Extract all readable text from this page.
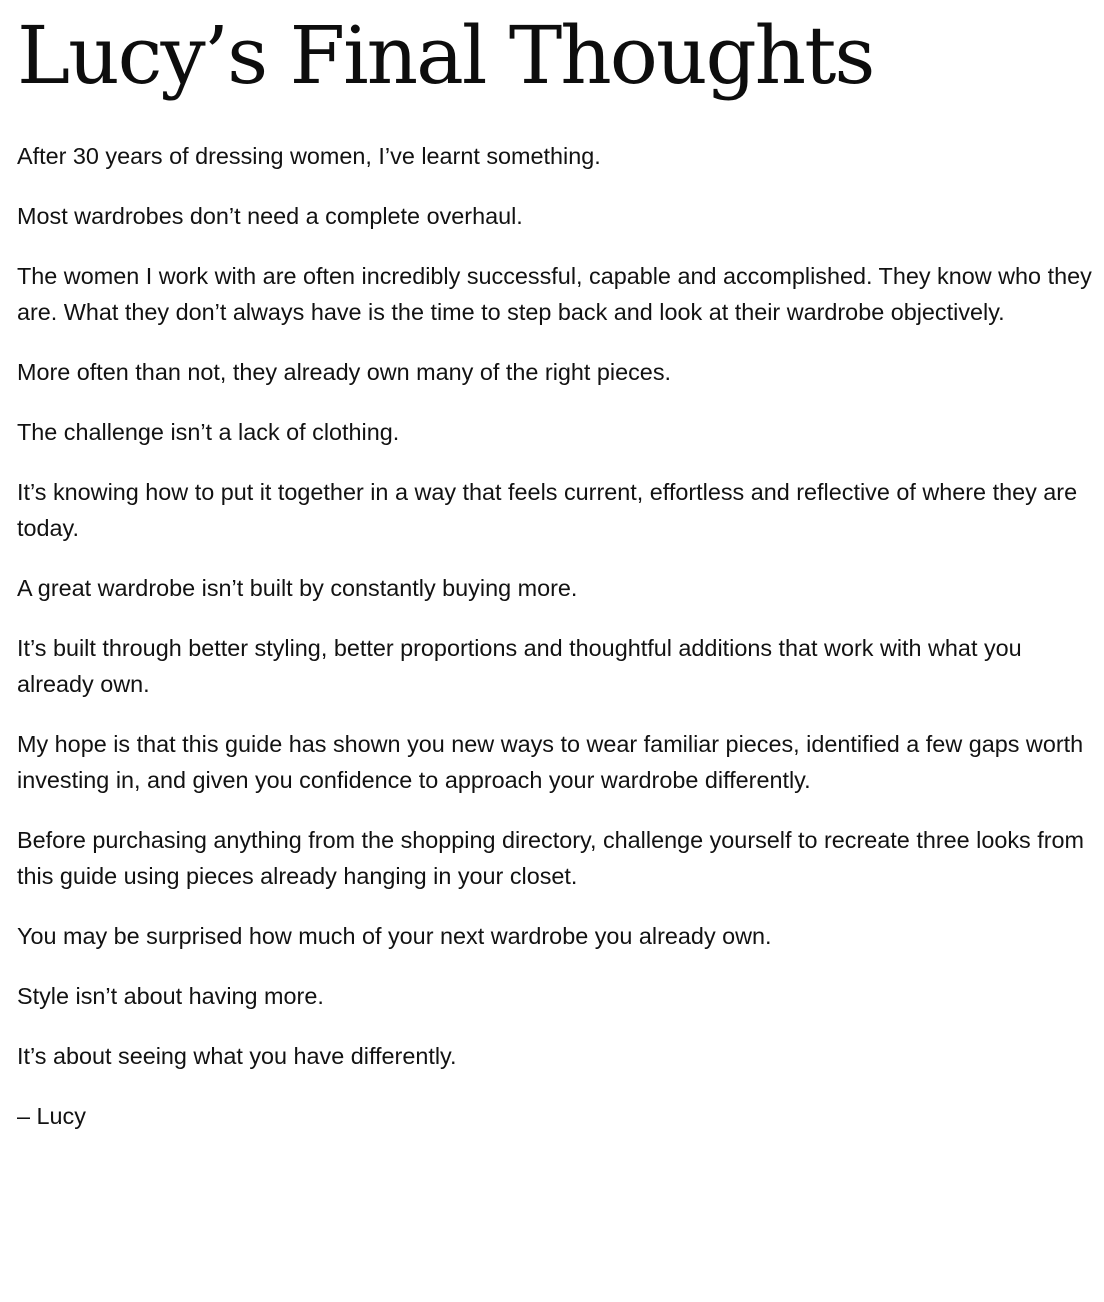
Lucy’s Final Thoughts

After 30 years of dressing women, I’ve learnt something.

Most wardrobes don’t need a complete overhaul.

The women I work with are often incredibly successful, capable and accomplished. They know who they are. What they don’t always have is the time to step back and look at their wardrobe objectively.

More often than not, they already own many of the right pieces.

The challenge isn’t a lack of clothing.

It’s knowing how to put it together in a way that feels current, effortless and reflective of where they are today.

A great wardrobe isn’t built by constantly buying more.

It’s built through better styling, better proportions and thoughtful additions that work with what you already own.

My hope is that this guide has shown you new ways to wear familiar pieces, identified a few gaps worth investing in, and given you confidence to approach your wardrobe differently.

Before purchasing anything from the shopping directory, challenge yourself to recreate three looks from this guide using pieces already hanging in your closet.

You may be surprised how much of your next wardrobe you already own.

Style isn’t about having more.

It’s about seeing what you have differently.

– Lucy
